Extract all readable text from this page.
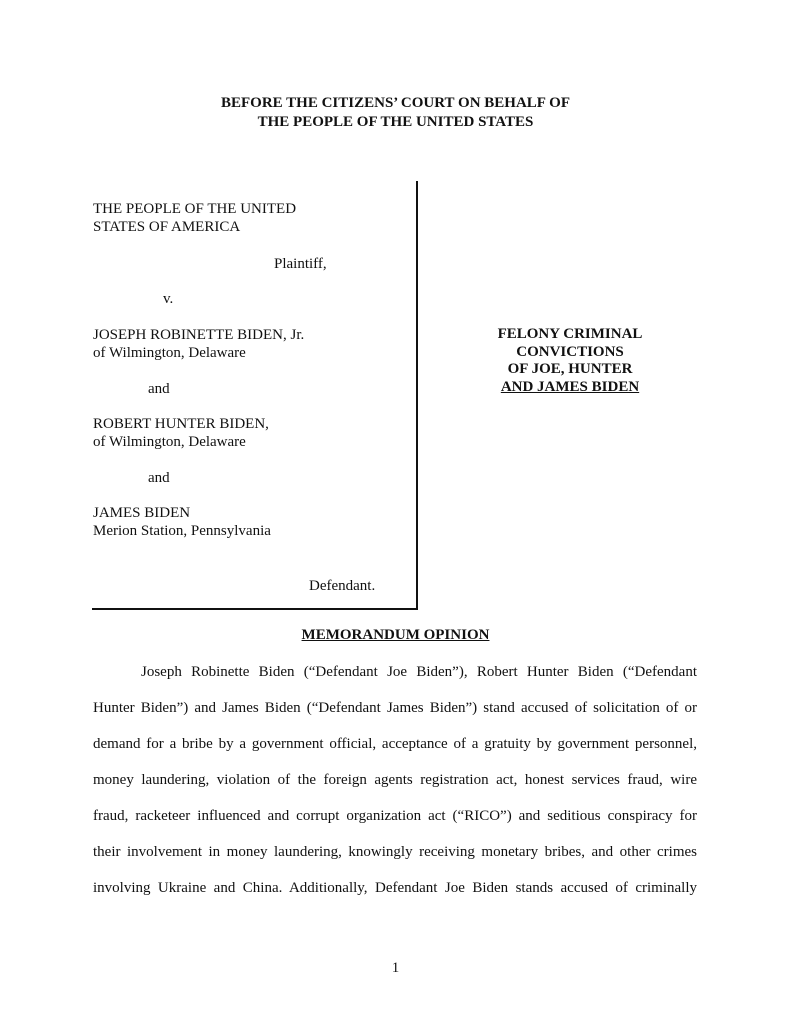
BEFORE THE CITIZENS’ COURT ON BEHALF OF
THE PEOPLE OF THE UNITED STATES
THE PEOPLE OF THE UNITED
STATES OF AMERICA
Plaintiff,
v.
JOSEPH ROBINETTE BIDEN, Jr.
of Wilmington, Delaware
and
ROBERT HUNTER BIDEN,
of Wilmington, Delaware
and
JAMES BIDEN
Merion Station, Pennsylvania
Defendant.
FELONY CRIMINAL
CONVICTIONS
OF JOE, HUNTER
AND JAMES BIDEN
MEMORANDUM OPINION
Joseph Robinette Biden (“Defendant Joe Biden”), Robert Hunter Biden (“Defendant
Hunter Biden”) and James Biden (“Defendant James Biden”) stand accused of solicitation of or
demand for a bribe by a government official, acceptance of a gratuity by government personnel,
money laundering, violation of the foreign agents registration act, honest services fraud, wire
fraud, racketeer influenced and corrupt organization act (“RICO”) and seditious conspiracy for
their involvement in money laundering, knowingly receiving monetary bribes, and other crimes
involving Ukraine and China. Additionally, Defendant Joe Biden stands accused of criminally
1
